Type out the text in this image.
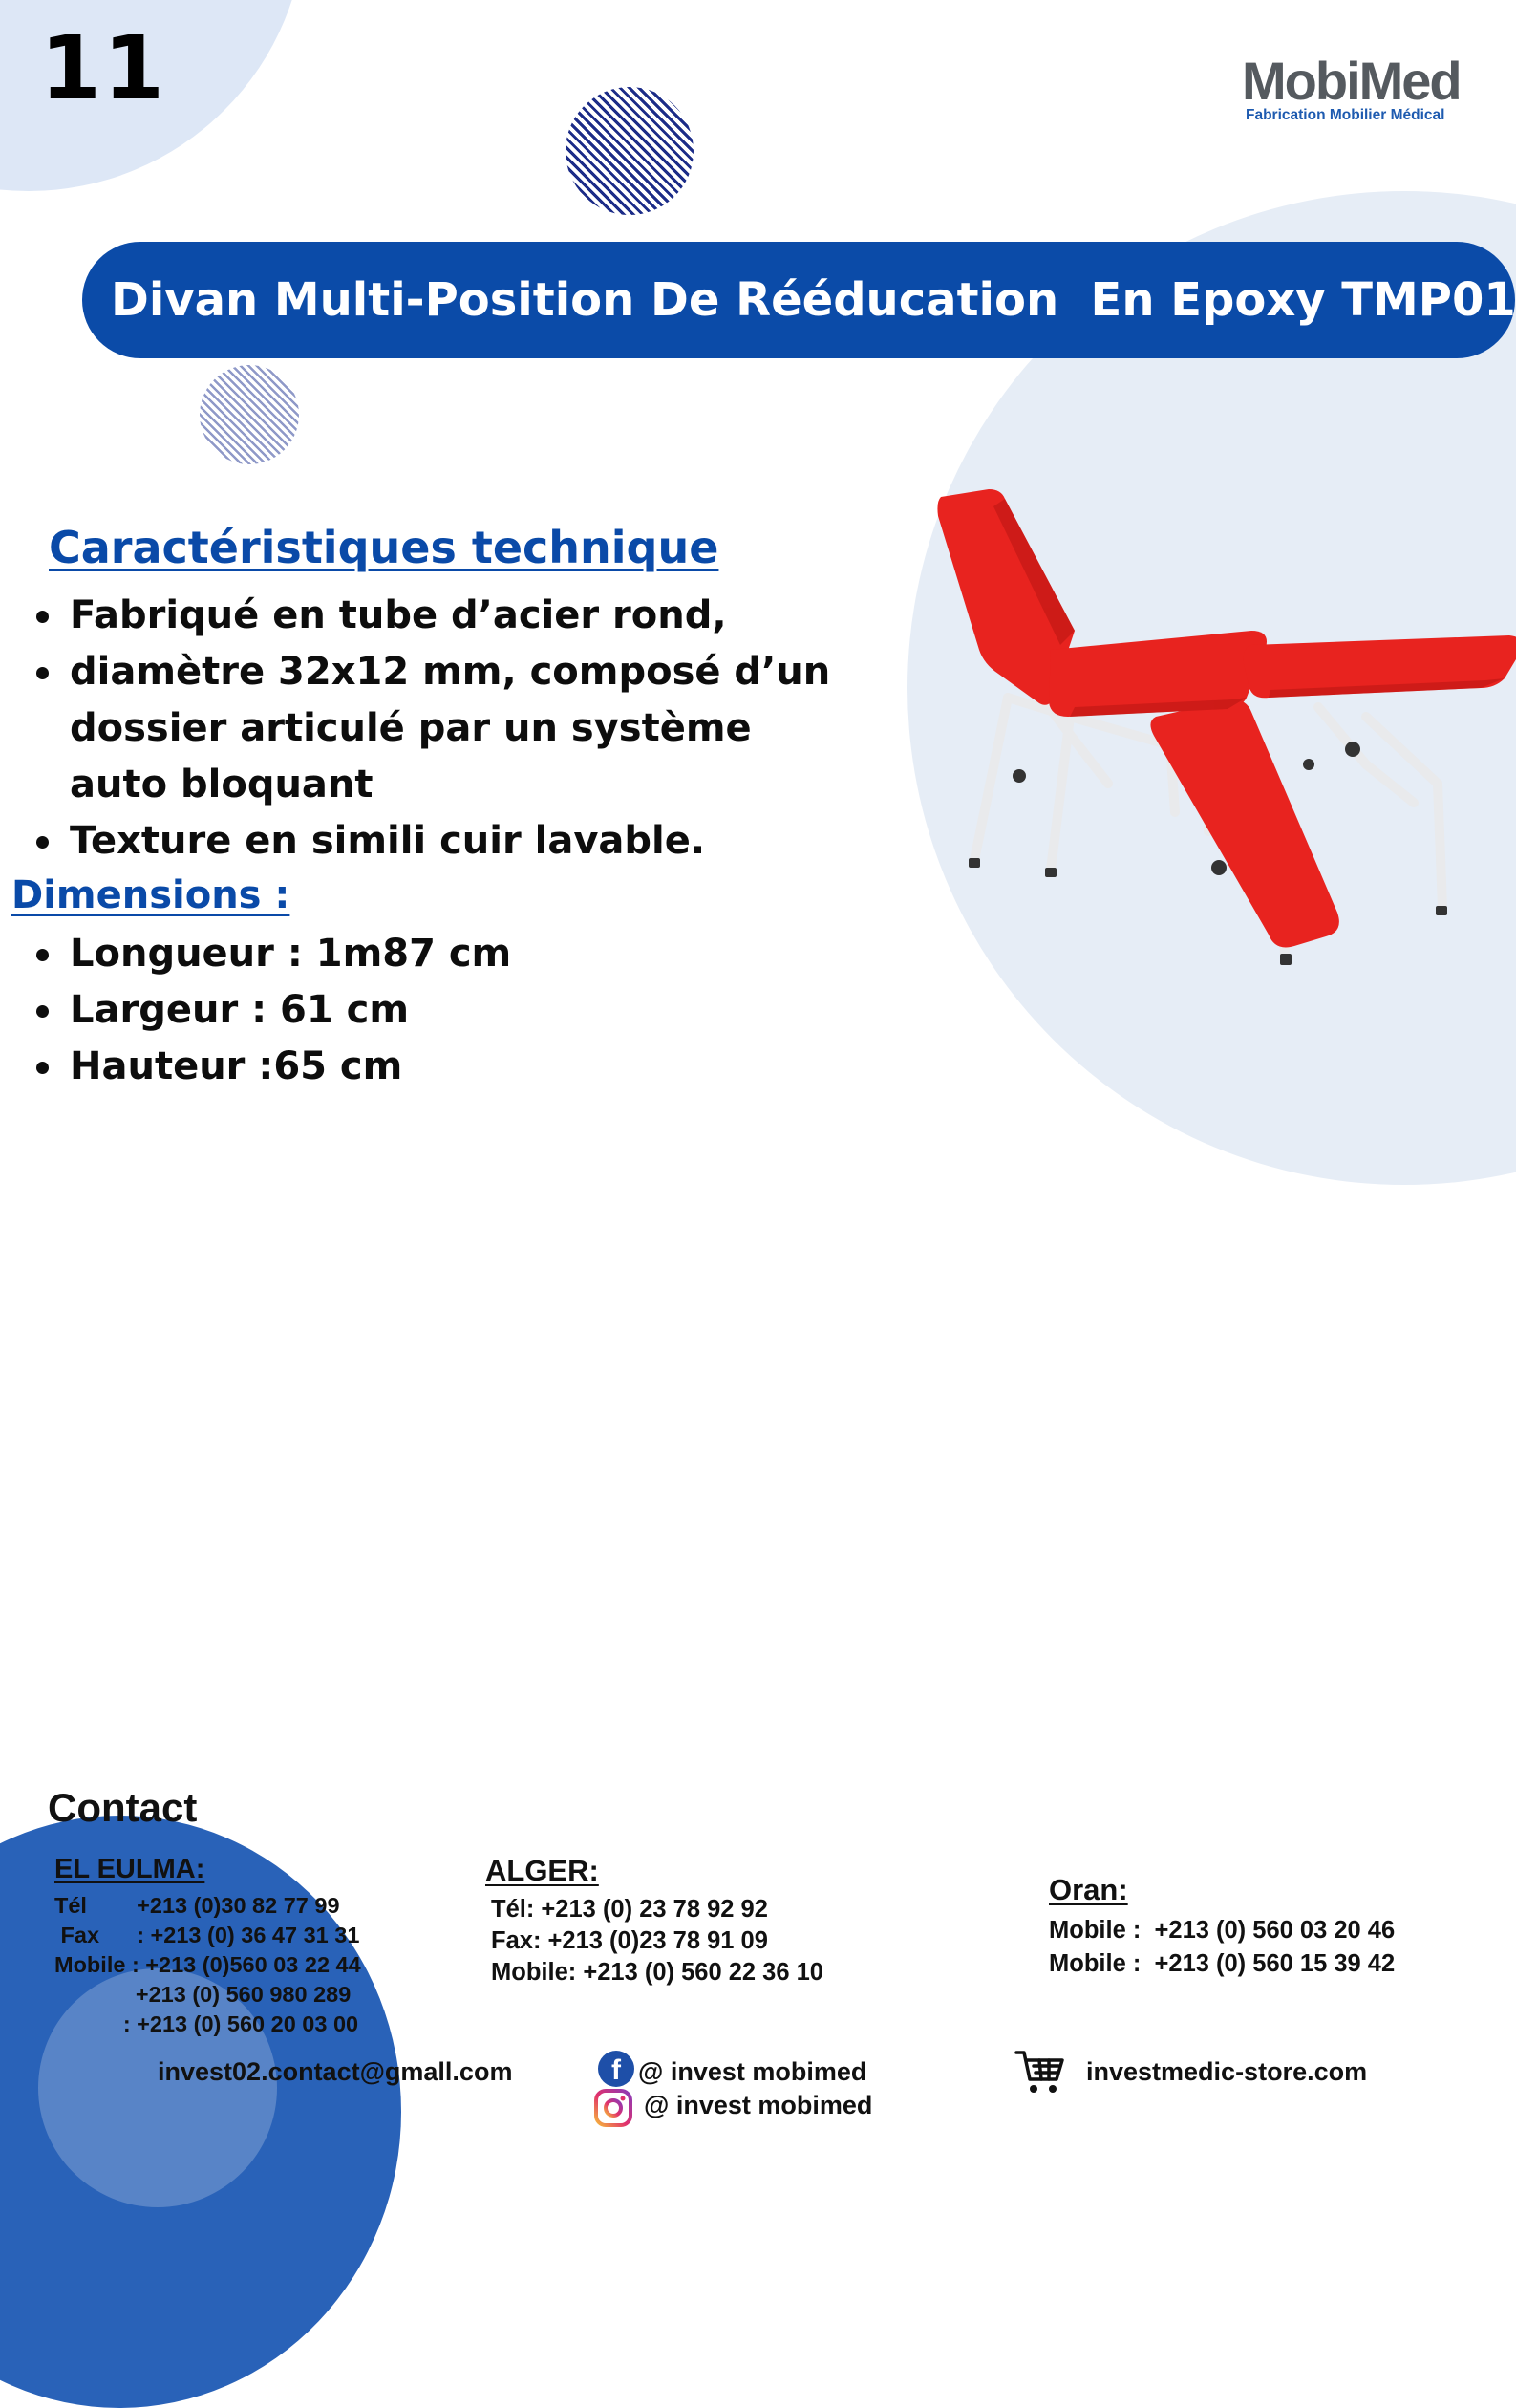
11	MobiMed
Fabrication Mobilier Médical
Divan Multi-Position De Rééducation  En Epoxy TMP01
Caractéristiques technique
Fabriqué en tube d’acier rond,
diamètre 32x12 mm, composé d’un dossier articulé par un système auto bloquant
Texture en simili cuir lavable.
Dimensions :
Longueur : 1m87 cm
Largeur : 61 cm
Hauteur :65 cm
Contact
EL EULMA:
Tél        +213 (0)30 82 77 99
Fax      : +213 (0) 36 47 31 31
Mobile : +213 (0)560 03 22 44
+213 (0) 560 980 289
: +213 (0) 560 20 03 00
ALGER:
Tél: +213 (0) 23 78 92 92
Fax: +213 (0)23 78 91 09
Mobile: +213 (0) 560 22 36 10
Oran:
Mobile :  +213 (0) 560 03 20 46
Mobile :  +213 (0) 560 15 39 42
invest02.contact@gmall.com	f @ invest mobimed
@ invest mobimed
investmedic-store.com
